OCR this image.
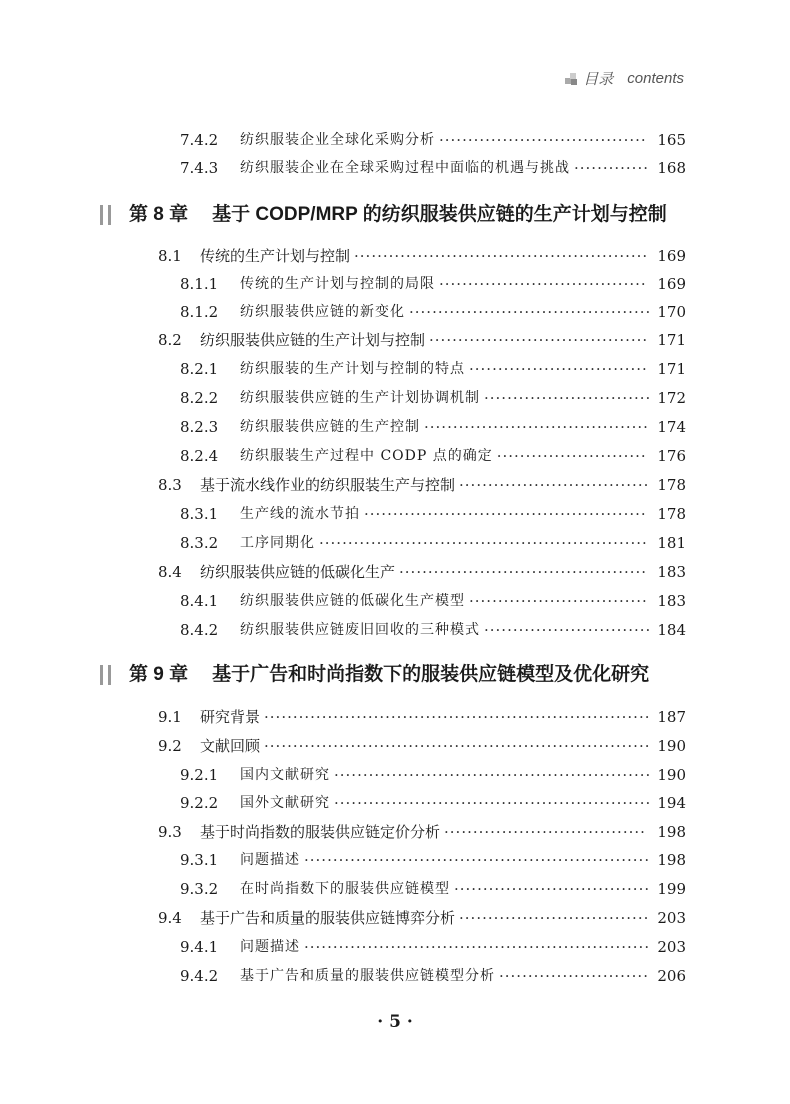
目录 contents
7.4.2	纺织服装企业全球化采购分析 ···································· 165
7.4.3	纺织服装企业在全球采购过程中面临的机遇与挑战 ············· 168
第 8 章 基于 CODP/MRP 的纺织服装供应链的生产计划与控制
8.1	传统的生产计划与控制 ··················································· 169
8.1.1	传统的生产计划与控制的局限 ···································· 169
8.1.2	纺织服装供应链的新变化 ·········································· 170
8.2	纺织服装供应链的生产计划与控制 ······································ 171
8.2.1	纺织服装的生产计划与控制的特点 ······························· 171
8.2.2	纺织服装供应链的生产计划协调机制 ····························· 172
8.2.3	纺织服装供应链的生产控制 ······································· 174
8.2.4	纺织服装生产过程中 CODP 点的确定 ·························· 176
8.3	基于流水线作业的纺织服装生产与控制 ································· 178
8.3.1	生产线的流水节拍 ················································· 178
8.3.2	工序同期化 ························································· 181
8.4	纺织服装供应链的低碳化生产 ··········································· 183
8.4.1	纺织服装供应链的低碳化生产模型 ······························· 183
8.4.2	纺织服装供应链废旧回收的三种模式 ····························· 184
第 9 章 基于广告和时尚指数下的服装供应链模型及优化研究
9.1	研究背景 ··································································· 187
9.2	文献回顾 ··································································· 190
9.2.1	国内文献研究 ······················································· 190
9.2.2	国外文献研究 ······················································· 194
9.3	基于时尚指数的服装供应链定价分析 ··································· 198
9.3.1	问题描述 ···························································· 198
9.3.2	在时尚指数下的服装供应链模型 ·································· 199
9.4	基于广告和质量的服装供应链博弈分析 ································· 203
9.4.1	问题描述 ···························································· 203
9.4.2	基于广告和质量的服装供应链模型分析 ·························· 206
· 5 ·
